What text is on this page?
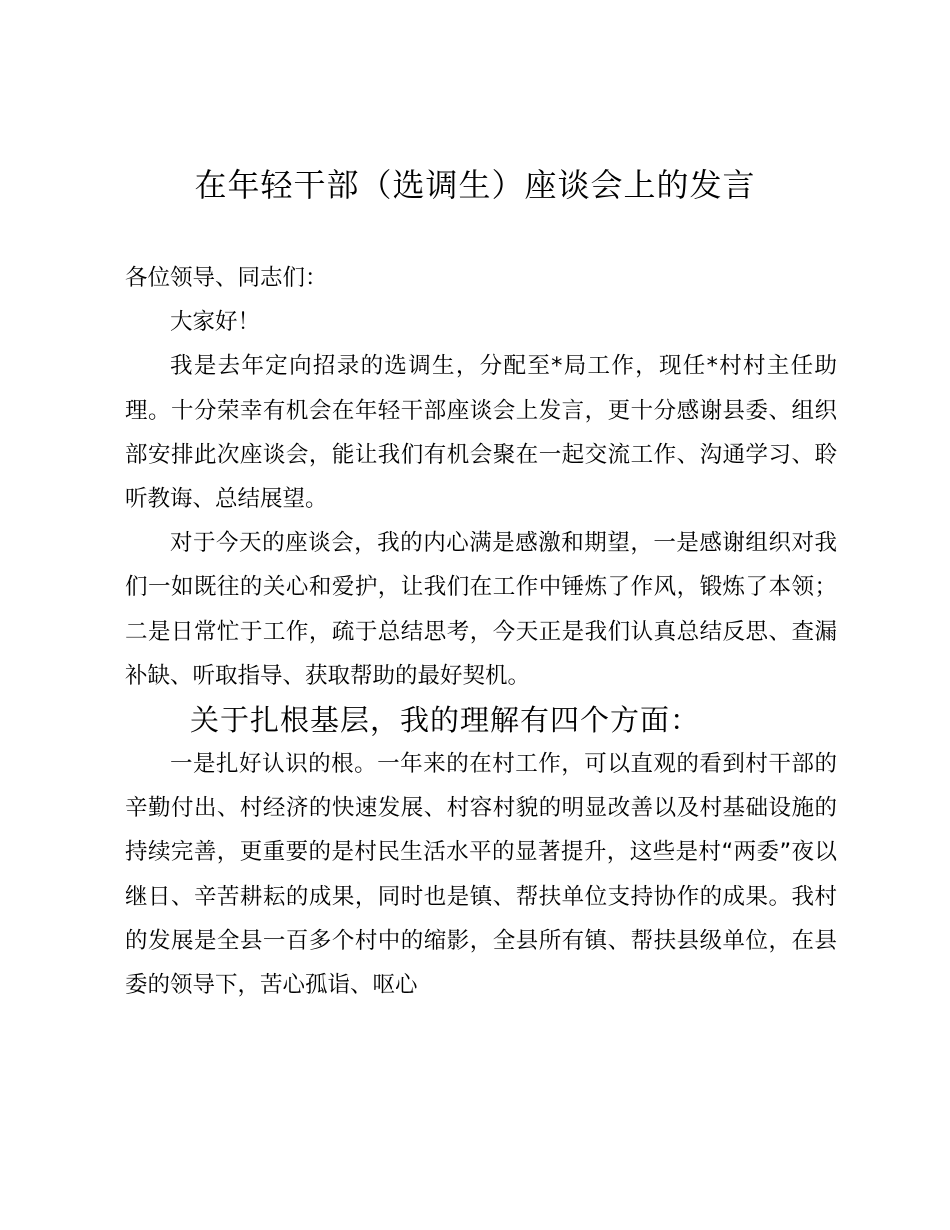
在年轻干部（选调生）座谈会上的发言

各位领导、同志们：

大家好！

我是去年定向招录的选调生，分配至*局工作，现任*村村主任助理。十分荣幸有机会在年轻干部座谈会上发言，更十分感谢县委、组织部安排此次座谈会，能让我们有机会聚在一起交流工作、沟通学习、聆听教诲、总结展望。

对于今天的座谈会，我的内心满是感激和期望，一是感谢组织对我们一如既往的关心和爱护，让我们在工作中锤炼了作风，锻炼了本领；二是日常忙于工作，疏于总结思考，今天正是我们认真总结反思、查漏补缺、听取指导、获取帮助的最好契机。

关于扎根基层，我的理解有四个方面：

一是扎好认识的根。一年来的在村工作，可以直观的看到村干部的辛勤付出、村经济的快速发展、村容村貌的明显改善以及村基础设施的持续完善，更重要的是村民生活水平的显著提升，这些是村“两委”夜以继日、辛苦耕耘的成果，同时也是镇、帮扶单位支持协作的成果。我村的发展是全县一百多个村中的缩影，全县所有镇、帮扶县级单位，在县委的领导下，苦心孤诣、呕心
